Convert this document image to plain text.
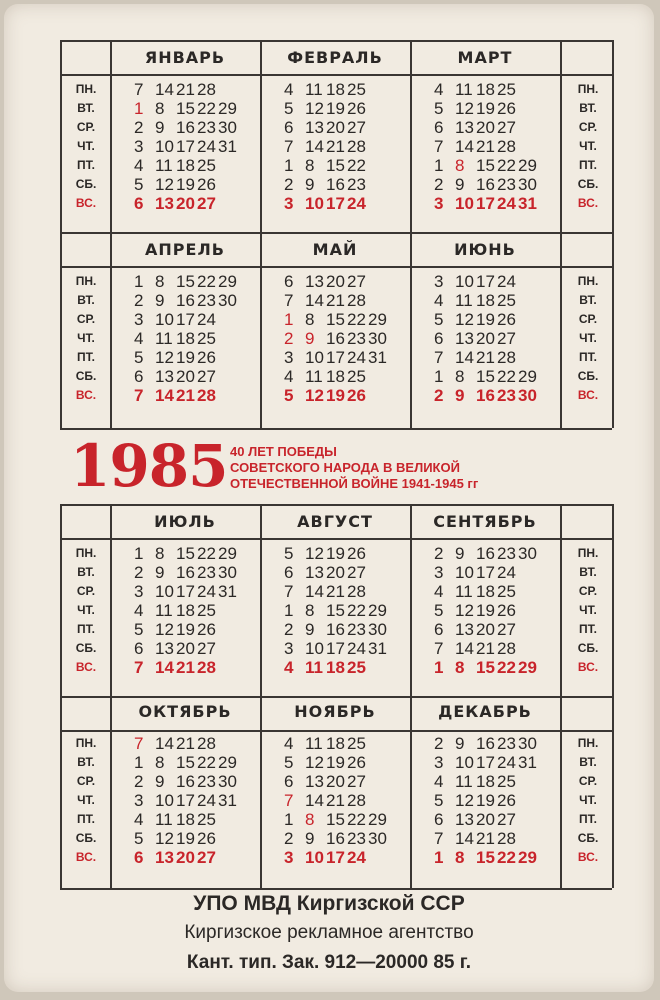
ПН.
ВТ.
СР.
ЧТ.
ПТ.
СБ.
ВС.
ПН.
ВТ.
СР.
ЧТ.
ПТ.
СБ.
ВС.
ПН.
ВТ.
СР.
ЧТ.
ПТ.
СБ.
ВС.
ПН.
ВТ.
СР.
ЧТ.
ПТ.
СБ.
ВС.
ПН.
ВТ.
СР.
ЧТ.
ПТ.
СБ.
ВС.
ПН.
ВТ.
СР.
ЧТ.
ПТ.
СБ.
ВС.
ПН.
ВТ.
СР.
ЧТ.
ПТ.
СБ.
ВС.
ПН.
ВТ.
СР.
ЧТ.
ПТ.
СБ.
ВС.
ЯНВАРЬ
7 14 21 28
1 8 15 22 29
2 9 16 23 30
3 10 17 24 31
4 11 18 25
5 12 19 26
6 13 20 27
ФЕВРАЛЬ
4 11 18 25
5 12 19 26
6 13 20 27
7 14 21 28
1 8 15 22
2 9 16 23
3 10 17 24
МАРТ
4 11 18 25
5 12 19 26
6 13 20 27
7 14 21 28
1 8 15 22 29
2 9 16 23 30
3 10 17 24 31
АПРЕЛЬ
1 8 15 22 29
2 9 16 23 30
3 10 17 24
4 11 18 25
5 12 19 26
6 13 20 27
7 14 21 28
МАЙ
6 13 20 27
7 14 21 28
1 8 15 22 29
2 9 16 23 30
3 10 17 24 31
4 11 18 25
5 12 19 26
ИЮНЬ
3 10 17 24
4 11 18 25
5 12 19 26
6 13 20 27
7 14 21 28
1 8 15 22 29
2 9 16 23 30
ИЮЛЬ
1 8 15 22 29
2 9 16 23 30
3 10 17 24 31
4 11 18 25
5 12 19 26
6 13 20 27
7 14 21 28
АВГУСТ
5 12 19 26
6 13 20 27
7 14 21 28
1 8 15 22 29
2 9 16 23 30
3 10 17 24 31
4 11 18 25
СЕНТЯБРЬ
2 9 16 23 30
3 10 17 24
4 11 18 25
5 12 19 26
6 13 20 27
7 14 21 28
1 8 15 22 29
ОКТЯБРЬ
7 14 21 28
1 8 15 22 29
2 9 16 23 30
3 10 17 24 31
4 11 18 25
5 12 19 26
6 13 20 27
НОЯБРЬ
4 11 18 25
5 12 19 26
6 13 20 27
7 14 21 28
1 8 15 22 29
2 9 16 23 30
3 10 17 24
ДЕКАБРЬ
2 9 16 23 30
3 10 17 24 31
4 11 18 25
5 12 19 26
6 13 20 27
7 14 21 28
1 8 15 22 29
1985 40 ЛЕТ ПОБЕДЫ
СОВЕТСКОГО НАРОДА В ВЕЛИКОЙ
ОТЕЧЕСТВЕННОЙ ВОЙНЕ 1941-1945 гг
УПО МВД Киргизской ССР
Киргизское рекламное агентство
Кант. тип. Зак. 912—20000 85 г.
